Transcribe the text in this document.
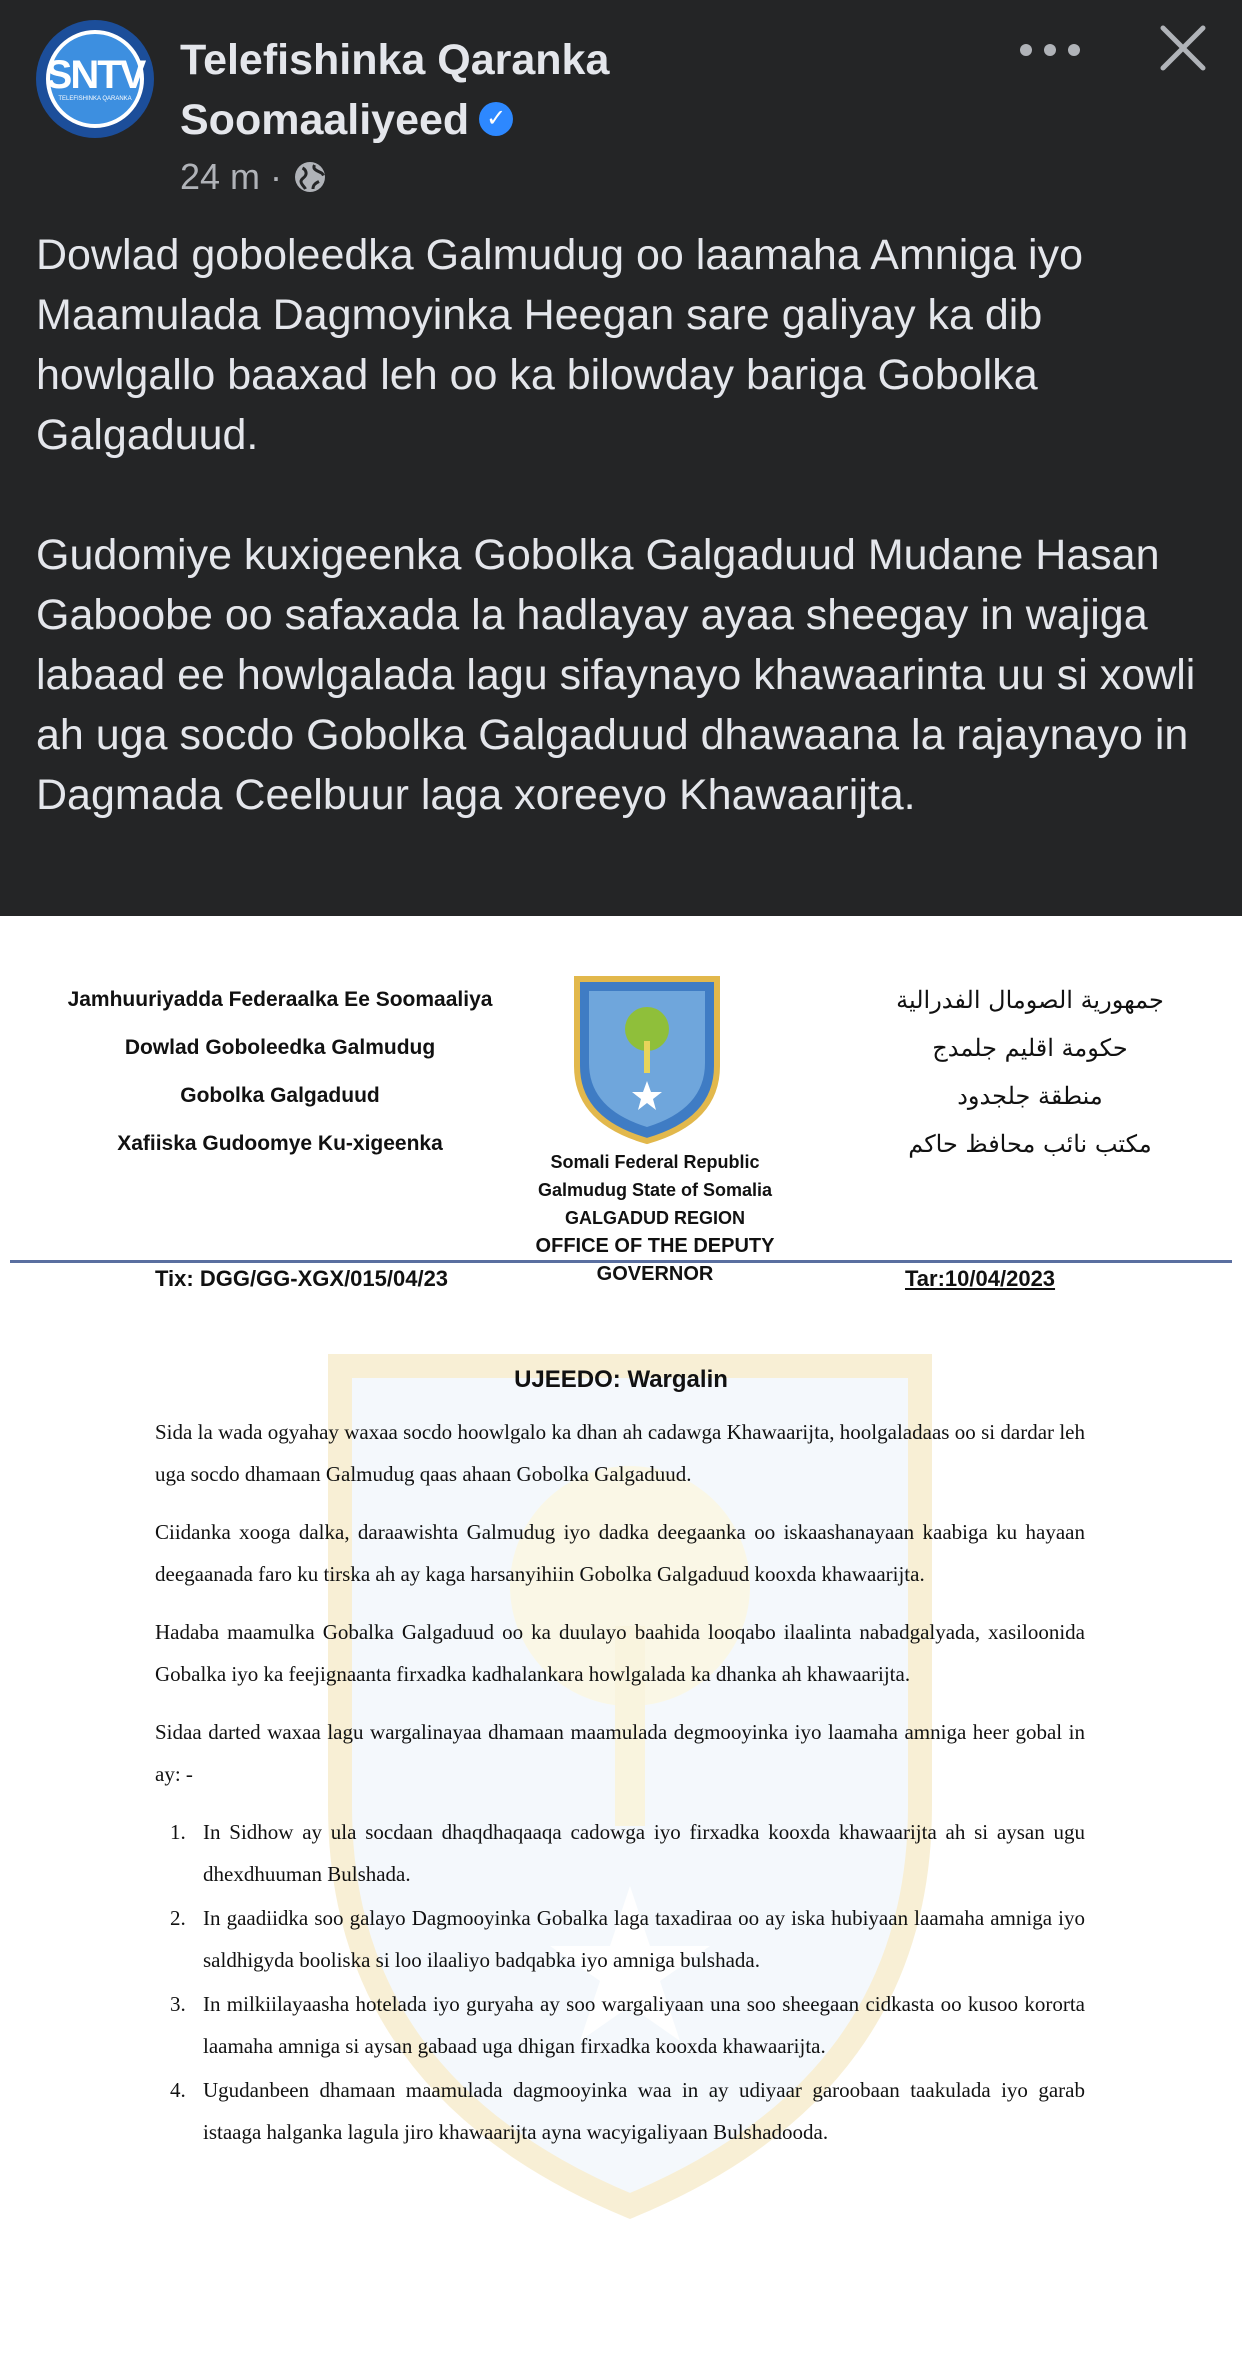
SNTV
TELEFISHINKA QARANKA
Telefishinka Qaranka Soomaaliyeed ✓
24 m ·

Dowlad goboleedka Galmudug oo laamaha Amniga iyo Maamulada Dagmoyinka Heegan sare galiyay ka dib howlgallo baaxad leh oo ka bilowday bariga Gobolka Galgaduud.

Gudomiye kuxigeenka Gobolka Galgaduud Mudane Hasan Gaboobe oo safaxada la hadlayay ayaa sheegay in wajiga labaad ee howlgalada lagu sifaynayo khawaarinta uu si xowli ah uga socdo Gobolka Galgaduud dhawaana la rajaynayo in Dagmada Ceelbuur laga xoreeyo Khawaarijta.

Jamhuuriyadda Federaalka Ee Soomaaliya
Dowlad Goboleedka Galmudug
Gobolka Galgaduud
Xafiiska Gudoomye Ku-xigeenka
Somali Federal Republic
Galmudug State of Somalia
GALGADUD REGION
OFFICE OF THE DEPUTY GOVERNOR
جمهورية الصومال الفدرالية
حكومة اقليم جلمدج
منطقة جلجدود
مكتب نائب محافظ حاكم
Tix: DGG/GG-XGX/015/04/23	Tar:10/04/2023
UJEEDO: Wargalin

Sida la wada ogyahay waxaa socdo hoowlgalo ka dhan ah cadawga Khawaarijta, hoolgaladaas oo si dardar leh uga socdo dhamaan Galmudug qaas ahaan Gobolka Galgaduud.

Ciidanka xooga dalka, daraawishta Galmudug iyo dadka deegaanka oo iskaashanayaan kaabiga ku hayaan deegaanada faro ku tirska ah ay kaga harsanyihiin Gobolka Galgaduud kooxda khawaarijta.

Hadaba maamulka Gobalka Galgaduud oo ka duulayo baahida looqabo ilaalinta nabadgalyada, xasiloonida Gobalka iyo ka feejignaanta firxadka kadhalankara howlgalada ka dhanka ah khawaarijta.

Sidaa darted waxaa lagu wargalinayaa dhamaan maamulada degmooyinka iyo laamaha amniga heer gobal in ay: -

1. In Sidhow ay ula socdaan dhaqdhaqaaqa cadowga iyo firxadka kooxda khawaarijta ah si aysan ugu dhexdhuuman Bulshada.
2. In gaadiidka soo galayo Dagmooyinka Gobalka laga taxadiraa oo ay iska hubiyaan laamaha amniga iyo saldhigyda booliska si loo ilaaliyo badqabka iyo amniga bulshada.
3. In milkiilayaasha hotelada iyo guryaha ay soo wargaliyaan una soo sheegaan cidkasta oo kusoo kororta laamaha amniga si aysan gabaad uga dhigan firxadka kooxda khawaarijta.
4. Ugudanbeen dhamaan maamulada dagmooyinka waa in ay udiyaar garoobaan taakulada iyo garab istaaga halganka lagula jiro khawaarijta ayna wacyigaliyaan Bulshadooda.
